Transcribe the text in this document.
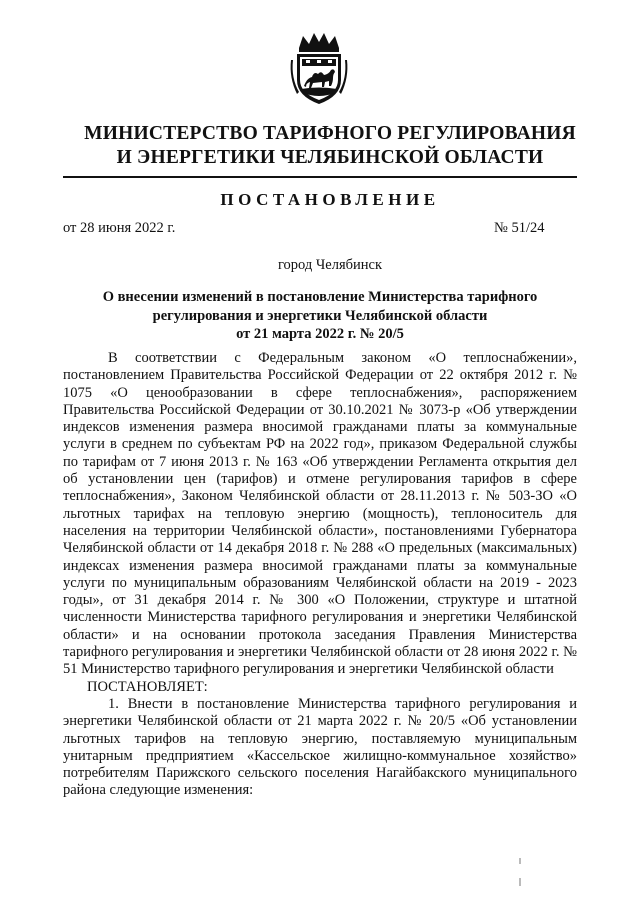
МИНИСТЕРСТВО ТАРИФНОГО РЕГУЛИРОВАНИЯ
И ЭНЕРГЕТИКИ ЧЕЛЯБИНСКОЙ ОБЛАСТИ
ПОСТАНОВЛЕНИЕ
от 28 июня 2022 г.	№ 51/24
город Челябинск
О внесении изменений в постановление Министерства тарифного
регулирования и энергетики Челябинской области
от 21 марта 2022 г. № 20/5

В соответствии с Федеральным законом «О теплоснабжении», постановлением Правительства Российской Федерации от 22 октября 2012 г. № 1075 «О ценообразовании в сфере теплоснабжения», распоряжением Правительства Российской Федерации от 30.10.2021 № 3073-р «Об утверждении индексов изменения размера вносимой гражданами платы за коммунальные услуги в среднем по субъектам РФ на 2022 год», приказом Федеральной службы по тарифам от 7 июня 2013 г. № 163 «Об утверждении Регламента открытия дел об установлении цен (тарифов) и отмене регулирования тарифов в сфере теплоснабжения», Законом Челябинской области от 28.11.2013 г. № 503-ЗО «О льготных тарифах на тепловую энергию (мощность), теплоноситель для населения на территории Челябинской области», постановлениями Губернатора Челябинской области от 14 декабря 2018 г. № 288 «О предельных (максимальных) индексах изменения размера вносимой гражданами платы за коммунальные услуги по муниципальным образованиям Челябинской области на 2019 - 2023 годы», от 31 декабря 2014 г. № 300 «О Положении, структуре и штатной численности Министерства тарифного регулирования и энергетики Челябинской области» и на основании протокола заседания Правления Министерства тарифного регулирования и энергетики Челябинской области от 28 июня 2022 г. № 51 Министерство тарифного регулирования и энергетики Челябинской области

ПОСТАНОВЛЯЕТ:

1. Внести в постановление Министерства тарифного регулирования и энергетики Челябинской области от 21 марта 2022 г. № 20/5 «Об установлении льготных тарифов на тепловую энергию, поставляемую муниципальным унитарным предприятием «Кассельское жилищно-коммунальное хозяйство» потребителям Парижского сельского поселения Нагайбакского муниципального района следующие изменения:
